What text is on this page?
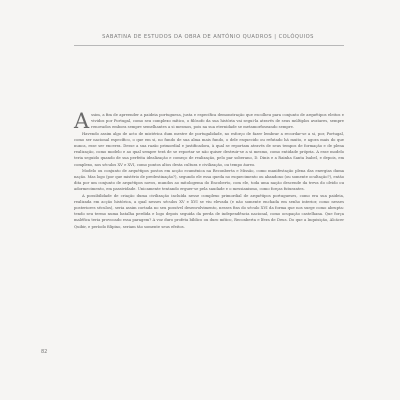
SABATINA DE ESTUDOS DA OBRA DE ANTÓNIO QUADROS | COLÓQUIOS

Assim, a fim de apreender a paideia portuguesa, justa e específica demonstração que escolheu para conjunto de arquétipos eleitos e vividos por Portugal, como seu complexo mítico, o filósofo da sua história vai segui-la através de seus múltiplos avatares, sempre renovados embora sempre semelhantes a si mesmos, pois na sua eternidade se metamorfoseando sempre.

Havendo assim algo de acto de mistérica dum mestre de portugalidade, no esforço de fazer lembrar a recordar-se a si, por, Portugal, como ser nacional específico, o que em si, no fundo de sua alma mais fundo, o dele esquecido ou refutado há muito, e agora mais do que nunca, esse ser encerra. Desse a sua razão primordial e justificadora, à qual se reportam através de seus tempos de formação e de plena realização, como modelo e ao qual sempre terá de se reportar se não quiser destruir-se a si mesmo, como entidade própria. A esse modelo teria seguido quando de sua perfeita idealização e começo de realização, pelo par soberano, D. Dinis e a Rainha Santa Isabel, e depois, em complexo, nos séculos XV e XVI, como pontos altos desta cultura e civilização, ou tempo áureo.

Modelo ou conjunto de arquétipos postos em acção ecuménica na Reconberta e Missão, como manifestação plena das energias duma nação. Mas logo (por que mistério de predestinação?), segundo ele essa queda no esquecimento ou abandono (ou somente ocultação?), então dita por um conjunto de arquétipos novos, mundos ao mitologema do Encoberto, com ele, toda uma nação descende da treva do olvido ou adormecimento, em passividade. Unicamente tentando erguer-se pela saudade e o messianismo, como forças futurantes.

A possibilidade de criação duma civilização incluída nesse complexo primordial de arquétipos portugueses, como era sua paideia, realizada em acção histórica, a qual nesses séculos XV e XVI se viu elevada (e não somente enchada em senho interior, como nesses posteriores séculos), seria assim cortada no seu possível desenvolvimento, nesses fins do século XVI da forma que nos surge como abrupta: tendo seu termo numa batalha perdida e logo depois seguida da perda de independência nacional, como ocupação castelhana. Que força maléfica teria provocado essa paragem? A voz duro profeta bíblico ou duro mítico, Reconberta e lfera de Deus. Do que a Inquisição, Alcácer Quibir, e período filipino, seriam tão somente seus efeitos.

82
